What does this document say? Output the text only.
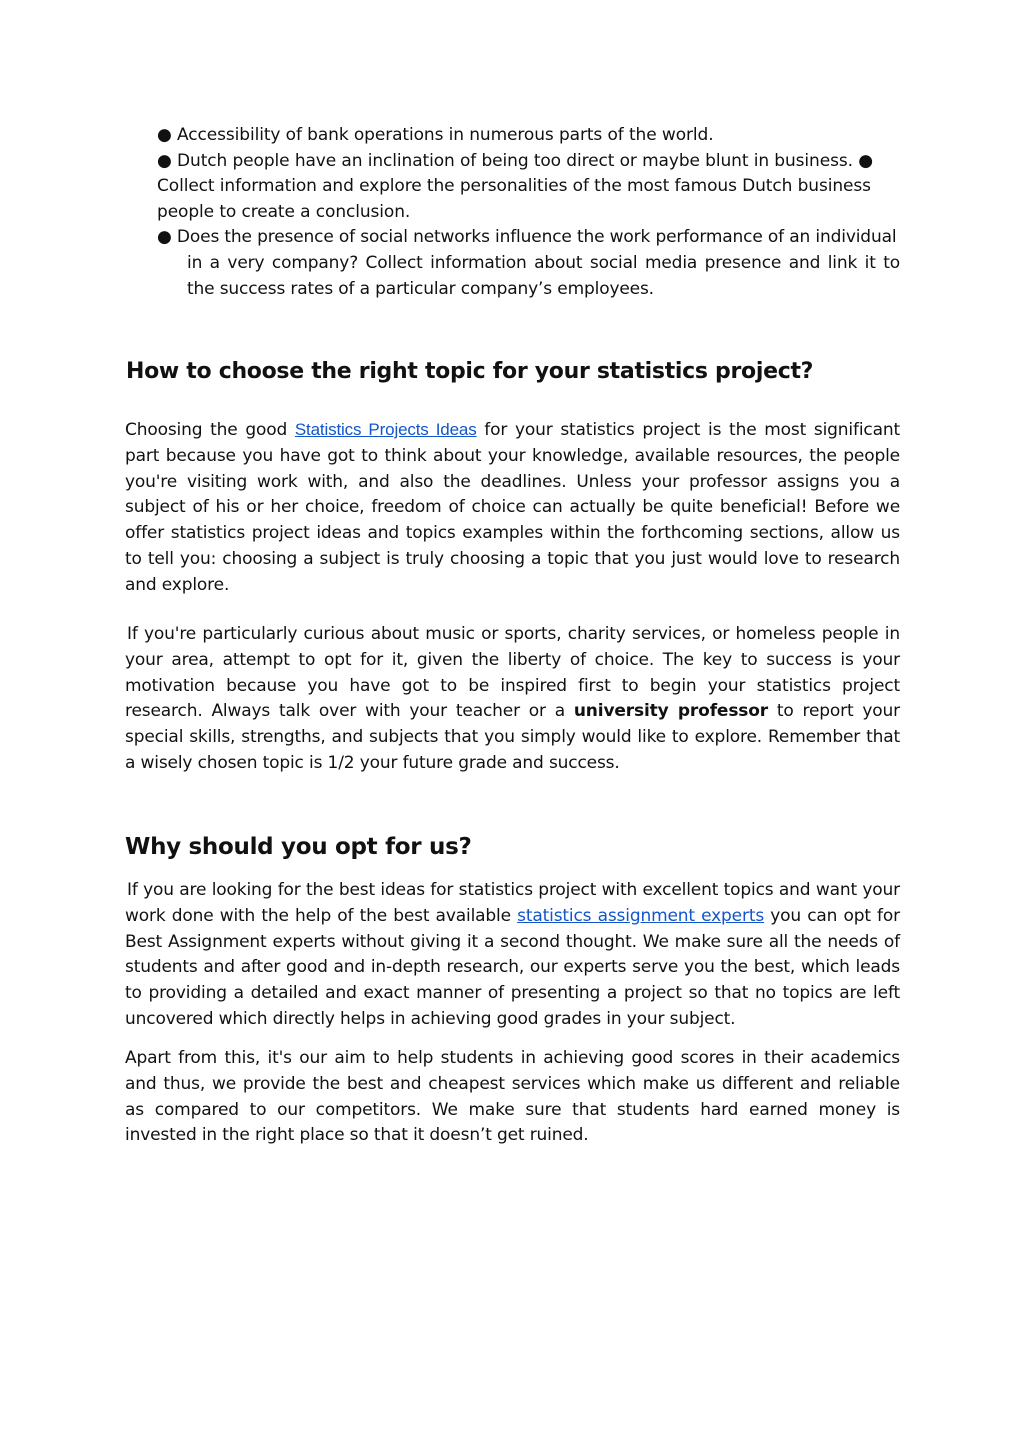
● Accessibility of bank operations in numerous parts of the world.
● Dutch people have an inclination of being too direct or maybe blunt in business. ●
Collect information and explore the personalities of the most famous Dutch business
people to create a conclusion.
● Does the presence of social networks influence the work performance of an individual
in a very company? Collect information about social media presence and link it to the success rates of a particular company’s employees.
How to choose the right topic for your statistics project?

Choosing the good Statistics Projects Ideas for your statistics project is the most significant part because you have got to think about your knowledge, available resources, the people you're visiting work with, and also the deadlines. Unless your professor assigns you a subject of his or her choice, freedom of choice can actually be quite beneficial! Before we offer statistics project ideas and topics examples within the forthcoming sections, allow us to tell you: choosing a subject is truly choosing a topic that you just would love to research and explore.

If you're particularly curious about music or sports, charity services, or homeless people in your area, attempt to opt for it, given the liberty of choice. The key to success is your motivation because you have got to be inspired first to begin your statistics project research. Always talk over with your teacher or a university professor to report your special skills, strengths, and subjects that you simply would like to explore. Remember that a wisely chosen topic is 1/2 your future grade and success.

Why should you opt for us?

If you are looking for the best ideas for statistics project with excellent topics and want your work done with the help of the best available statistics assignment experts you can opt for Best Assignment experts without giving it a second thought. We make sure all the needs of students and after good and in-depth research, our experts serve you the best, which leads to providing a detailed and exact manner of presenting a project so that no topics are left uncovered which directly helps in achieving good grades in your subject.

Apart from this, it's our aim to help students in achieving good scores in their academics and thus, we provide the best and cheapest services which make us different and reliable as compared to our competitors. We make sure that students hard earned money is invested in the right place so that it doesn’t get ruined.
